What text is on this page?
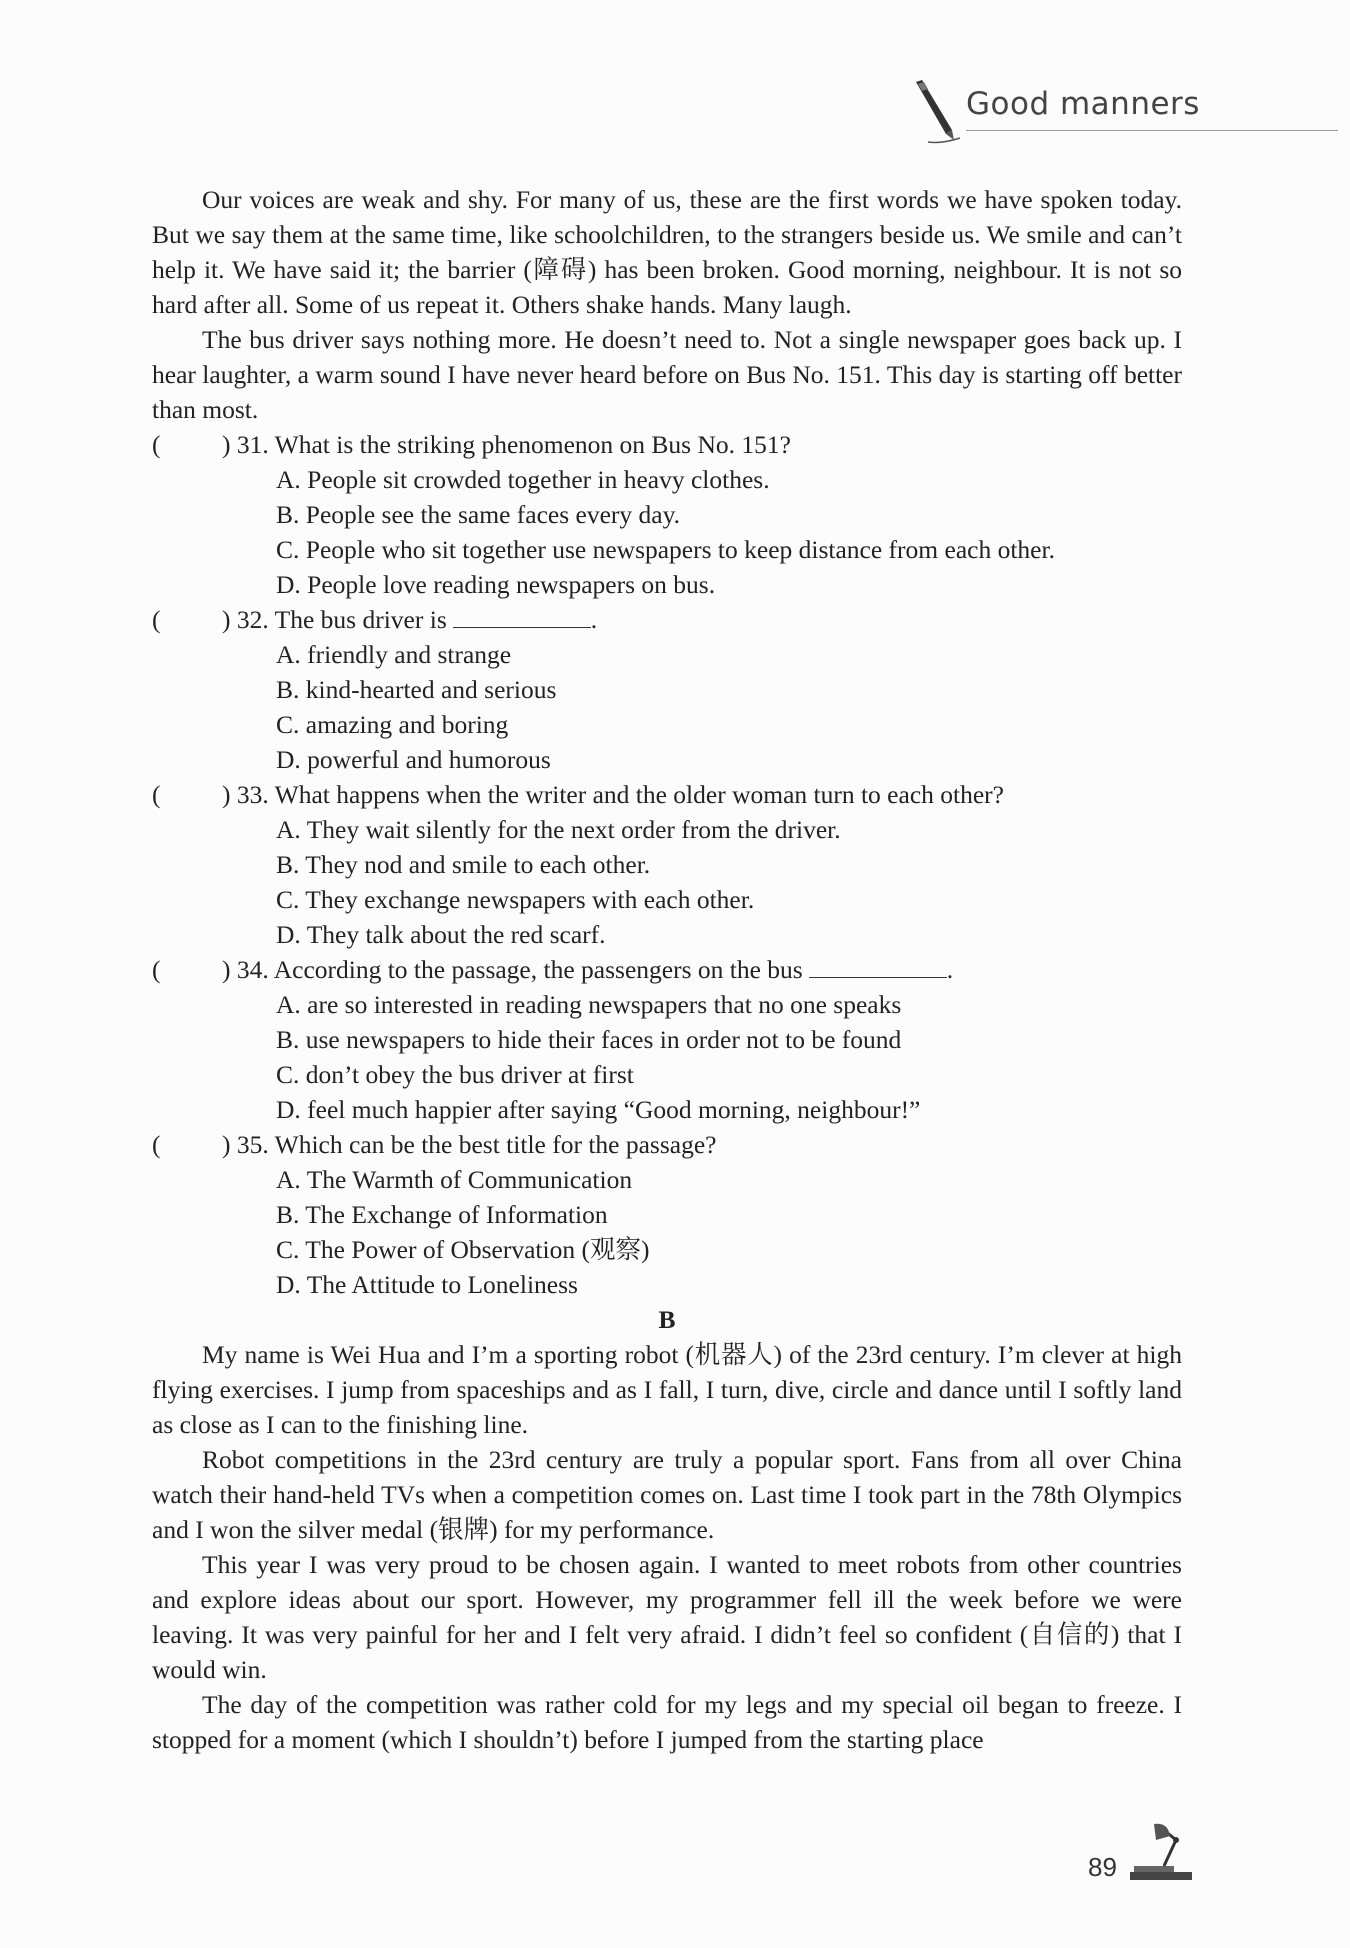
Good manners

Our voices are weak and shy. For many of us, these are the first words we have spoken today. But we say them at the same time, like schoolchildren, to the strangers beside us. We smile and can’t help it. We have said it; the barrier (障碍) has been broken. Good morning, neighbour. It is not so hard after all. Some of us repeat it. Others shake hands. Many laugh.

The bus driver says nothing more. He doesn’t need to. Not a single newspaper goes back up. I hear laughter, a warm sound I have never heard before on Bus No. 151. This day is starting off better than most.

(	) 31. What is the striking phenomenon on Bus No. 151?
A. People sit crowded together in heavy clothes.
B. People see the same faces every day.
C. People who sit together use newspapers to keep distance from each other.
D. People love reading newspapers on bus.
(	) 32. The bus driver is	.
A. friendly and strange
B. kind-hearted and serious
C. amazing and boring
D. powerful and humorous
(	) 33. What happens when the writer and the older woman turn to each other?
A. They wait silently for the next order from the driver.
B. They nod and smile to each other.
C. They exchange newspapers with each other.
D. They talk about the red scarf.
(	) 34. According to the passage, the passengers on the bus	.
A. are so interested in reading newspapers that no one speaks
B. use newspapers to hide their faces in order not to be found
C. don’t obey the bus driver at first
D. feel much happier after saying “Good morning, neighbour!”
(	) 35. Which can be the best title for the passage?
A. The Warmth of Communication
B. The Exchange of Information
C. The Power of Observation (观察)
D. The Attitude to Loneliness

B

My name is Wei Hua and I’m a sporting robot (机器人) of the 23rd century. I’m clever at high flying exercises. I jump from spaceships and as I fall, I turn, dive, circle and dance until I softly land as close as I can to the finishing line.

Robot competitions in the 23rd century are truly a popular sport. Fans from all over China watch their hand-held TVs when a competition comes on. Last time I took part in the 78th Olympics and I won the silver medal (银牌) for my performance.

This year I was very proud to be chosen again. I wanted to meet robots from other countries and explore ideas about our sport. However, my programmer fell ill the week before we were leaving. It was very painful for her and I felt very afraid. I didn’t feel so confident (自信的) that I would win.

The day of the competition was rather cold for my legs and my special oil began to freeze. I stopped for a moment (which I shouldn’t) before I jumped from the starting place

89
